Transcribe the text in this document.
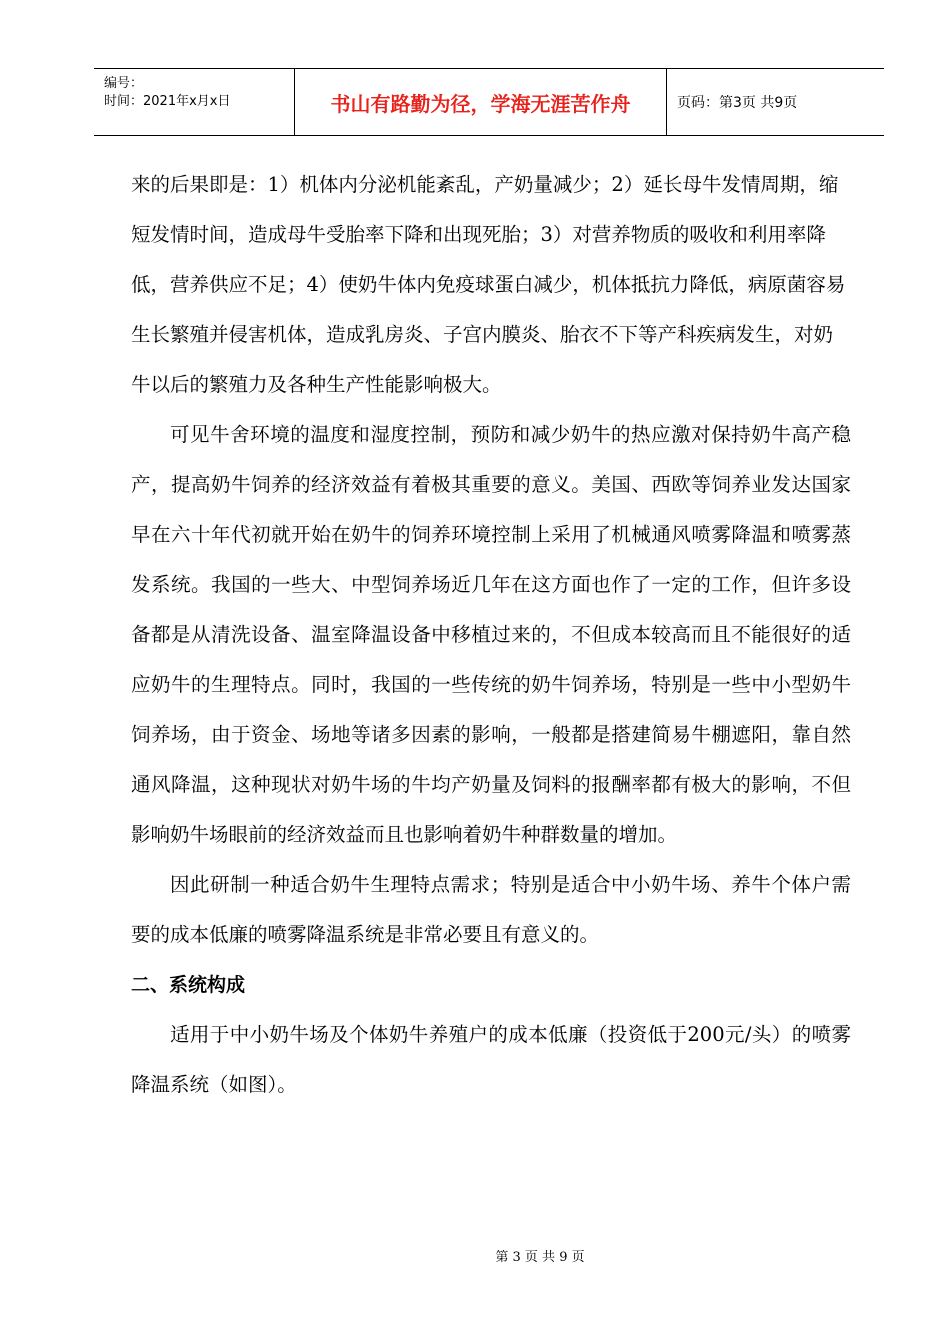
编号：
时间：2021年x月x日	书山有路勤为径，学海无涯苦作舟	页码：第3页 共9页

来的后果即是：1）机体内分泌机能紊乱，产奶量减少；2）延长母牛发情周期，缩短发情时间，造成母牛受胎率下降和出现死胎；3）对营养物质的吸收和利用率降低，营养供应不足；4）使奶牛体内免疫球蛋白减少，机体抵抗力降低，病原菌容易生长繁殖并侵害机体，造成乳房炎、子宫内膜炎、胎衣不下等产科疾病发生，对奶牛以后的繁殖力及各种生产性能影响极大。

可见牛舍环境的温度和湿度控制，预防和减少奶牛的热应激对保持奶牛高产稳产，提高奶牛饲养的经济效益有着极其重要的意义。美国、西欧等饲养业发达国家早在六十年代初就开始在奶牛的饲养环境控制上采用了机械通风喷雾降温和喷雾蒸发系统。我国的一些大、中型饲养场近几年在这方面也作了一定的工作，但许多设备都是从清洗设备、温室降温设备中移植过来的，不但成本较高而且不能很好的适应奶牛的生理特点。同时，我国的一些传统的奶牛饲养场，特别是一些中小型奶牛饲养场，由于资金、场地等诸多因素的影响，一般都是搭建简易牛棚遮阳，靠自然通风降温，这种现状对奶牛场的牛均产奶量及饲料的报酬率都有极大的影响，不但影响奶牛场眼前的经济效益而且也影响着奶牛种群数量的增加。

因此研制一种适合奶牛生理特点需求；特别是适合中小奶牛场、养牛个体户需要的成本低廉的喷雾降温系统是非常必要且有意义的。

二、系统构成

适用于中小奶牛场及个体奶牛养殖户的成本低廉（投资低于200元/头）的喷雾降温系统（如图）。

第 3 页 共 9 页
